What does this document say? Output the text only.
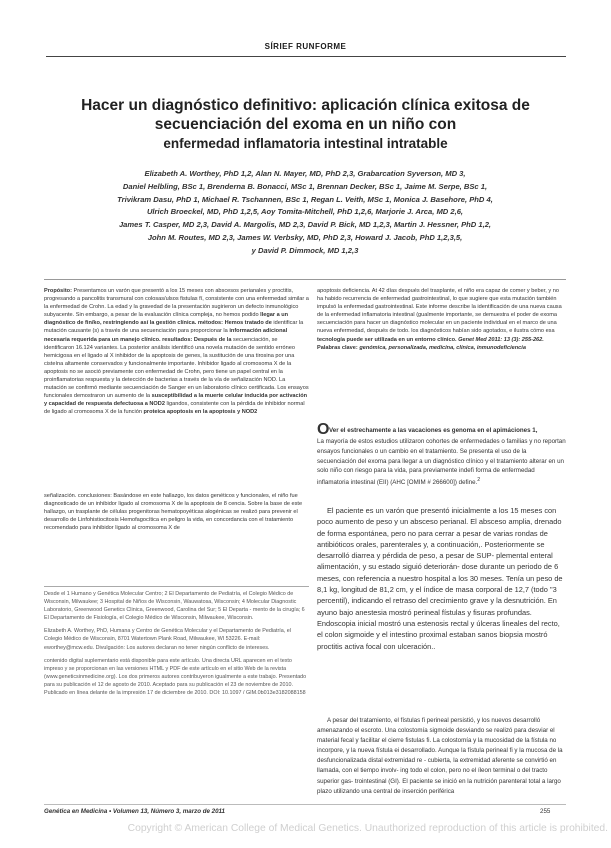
SÍRIEF RUNFORME
Hacer un diagnóstico definitivo: aplicación clínica exitosa de
secuenciación del exoma en un niño con
enfermedad inflamatoria intestinal intratable
Elizabeth A. Worthey, PhD 1,2, Alan N. Mayer, MD, PhD 2,3, Grabarcation Syverson, MD 3,
Daniel Helbling, BSc 1, Brenderna B. Bonacci, MSc 1, Brennan Decker, BSc 1, Jaime M. Serpe, BSc 1,
Trivikram Dasu, PhD 1, Michael R. Tschannen, BSc 1, Regan L. Veith, MSc 1, Monica J. Basehore, PhD 4,
Ulrich Broeckel, MD, PhD 1,2,5, Aoy Tomita-Mitchell, PhD 1,2,6, Marjorie J. Arca, MD 2,6,
James T. Casper, MD 2,3, David A. Margolis, MD 2,3, David P. Bick, MD 1,2,3, Martin J. Hessner, PhD 1,2,
John M. Routes, MD 2,3, James W. Verbsky, MD, PhD 2,3, Howard J. Jacob, PhD 1,2,3,5,
y David P. Dimmock, MD 1,2,3

Propósito: Presentamos un varón que presentó a los 15 meses con abscesos perianales y proctitis, progresando a pancolitis transmural con colosas/ulsos fistulas fí, consistente con una enfermedad similar a la enfermedad de Crohn. La edad y la gravedad de la presentación sugirieron un defecto inmunológico subyacente. Sin embargo, a pesar de la evaluación clínica compleja, no hemos podido llegar a un diagnóstico de fin/ko, restringiendo así la gestión clínica. métodos: Hemos tratado de identificar la mutación causante (s) a través de una secuenciación para proporcionar la información adicional necesaria requerida para un manejo clínico. resultados: Después de la secuenciación, se identificaron 16.124 variantes. La posterior análisis identificó una novela mutación de sentido erróneo hemicigosa en el ligado al X inhibidor de la apoptosis de genes, la sustitución de una tirosina por una cisteína altamente conservados y funcionalmente importante. Inhibidor ligado al cromosoma X de la apoptosis no se asoció previamente con enfermedad de Crohn, pero tiene un papel central en la proinflamatorias respuesta y la detección de bacterias a través de la vía de señalización NOD. La mutación se confirmó mediante secuenciación de Sanger en un laboratorio clínico certificada. Los ensayos funcionales demostraron un aumento de la susceptibilidad a la muerte celular inducida por activación y capacidad de respuesta defectuosa a NOD2 ligandos, consistente con la pérdida de inhibidor normal de ligado al cromosoma X de la función proteica apoptosis en la apoptosis y NOD2

apoptosis deficiencia. At 42 días después del trasplante, el niño era capaz de comer y beber, y no ha habido recurrencia de enfermedad gastrointestinal, lo que sugiere que esta mutación también impulsó la enfermedad gastrointestinal. Este informe describe la identificación de una nueva causa de la enfermedad inflamatoria intestinal (gualmente importante, se demuestra el poder de exoma secuenciación para hacer un diagnóstico molecular en un paciente individual en el marco de una nueva enfermedad, después de todo. los diagnósticos habían sido agotados, e ilustra cómo esa tecnología puede ser utilizada en un entorno clínico. Genet Med 2011: 13 (3): 255-262. Palabras clave: genómica, personalizada, medicina, clínica, inmunodeficiencia

señalización. conclusiones: Basándose en este hallazgo, los datos genéticos y funcionales, el niño fue diagnosticado de un inhibidor ligado al cromosoma X de la apoptosis de 8 cencia. Sobre la base de este hallazgo, un trasplante de células progenitoras hematopoyéticas alogénicas se realizó para prevenir el desarrollo de Linfohistiocitosis Hemofagocítica en peligro la vida, en concordancia con el tratamiento recomendado para inhibidor ligado al cromosoma X de

Desde el 1 Humano y Genética Molecular Centro; 2 El Departamento de Pediatría, el Colegio Médico de Wisconsin, Milwaukee; 3 Hospital de Niños de Wisconsin, Wauwatosa, Wisconsin; 4 Molecular Diagnostic Laboratorio, Greenwood Genetics Clinica, Greenwood, Carolina del Sur; 5 El Departa - mento de la cirugía; 6 El Departamento de Fisiología, el Colegio Médico de Wisconsin, Milwaukee, Wisconsin.

Elizabeth A. Worthey, PhD, Humana y Centro de Genética Molecular y el Departamento de Pediatría, el Colegio Médico de Wisconsin, 8701 Watertown Plank Road, Milwaukee, WI 53226. E-mail: eworthey@mcw.edu. Divulgación: Los autores declaran no tener ningún conflicto de intereses.

contenido digital suplementario está disponible para este artículo. Una directa URL aparecen en el texto impreso y se proporcionan en las versiones HTML y PDF de este artículo en el sitio Web de la revista (www.geneticsinmedicine.org). Los dos primeros autores contribuyeron igualmente a este trabajo. Presentado para su publicación el 12 de agosto de 2010. Aceptado para su publicación el 23 de noviembre de 2010. Publicado en línea delante de la impresión 17 de diciembre de 2010. DOI: 10.1097 / GIM.0b013e3182088158

O Ver el estrechamente a las vacaciones es genoma en el apimáciones 1,

La mayoría de estos estudios utilizaron cohortes de enfermedades o familias y no reportan ensayos funcionales o un cambio en el tratamiento. Se presenta el uso de la secuenciación del exoma para llegar a un diagnóstico clínico y el tratamiento alterar en un solo niño con riesgo para la vida, para previamente indefi forma de enfermedad inflamatoria intestinal (EII) (AHC [OMIM # 266600]) define.$^2$

El paciente es un varón que presentó inicialmente a los 15 meses con poco aumento de peso y un absceso perianal. El absceso amplia, drenado de forma espontánea, pero no para cerrar a pesar de varias rondas de antibióticos orales, parenterales y, a continuación,. Posteriormente se desarrolló diarrea y pérdida de peso, a pesar de SUP- plemental enteral alimentación, y su estado siguió deteriorán- dose durante un periodo de 6 meses, con referencia a nuestro hospital a los 30 meses. Tenía un peso de 8,1 kg, longitud de 81,2 cm, y el índice de masa corporal de 12,7 (todo "3 percentil), indicando el retraso del crecimiento grave y la desnutrición. En ayuno bajo anestesia mostró perineal fístulas y fisuras profundas. Endoscopia inicial mostró una estenosis rectal y úlceras lineales del recto, el colon sigmoide y el intestino proximal estaban sanos biopsia mostró proctitis activa focal con ulceración..

A pesar del tratamiento, el fístulas fi perineal persistió, y los nuevos desarrolló amenazando el escroto. Una colostomía sigmoide desviando se realizó para desviar el material fecal y facilitar el cierre fistulas fi. La colostomía y la mucosidad de la fístula no incorpore, y la nueva fístula ei desarrollado. Aunque la fístula perineal fi y la mucosa de la desfuncionalizada distal extremidad re - cubierta, la extremidad aferente se convirtió en llamada, con el tiempo involv- ing todo el colon, pero no el íleon terminal o del tracto superior gas- trointestinal (GI). El paciente se inició en la nutrición parenteral total a largo plazo utilizando una central de inserción periférica

Genética en Medicina • Volumen 13, Número 3, marzo de 2011	255
Copyright © American College of Medical Genetics. Unauthorized reproduction of this article is prohibited.
